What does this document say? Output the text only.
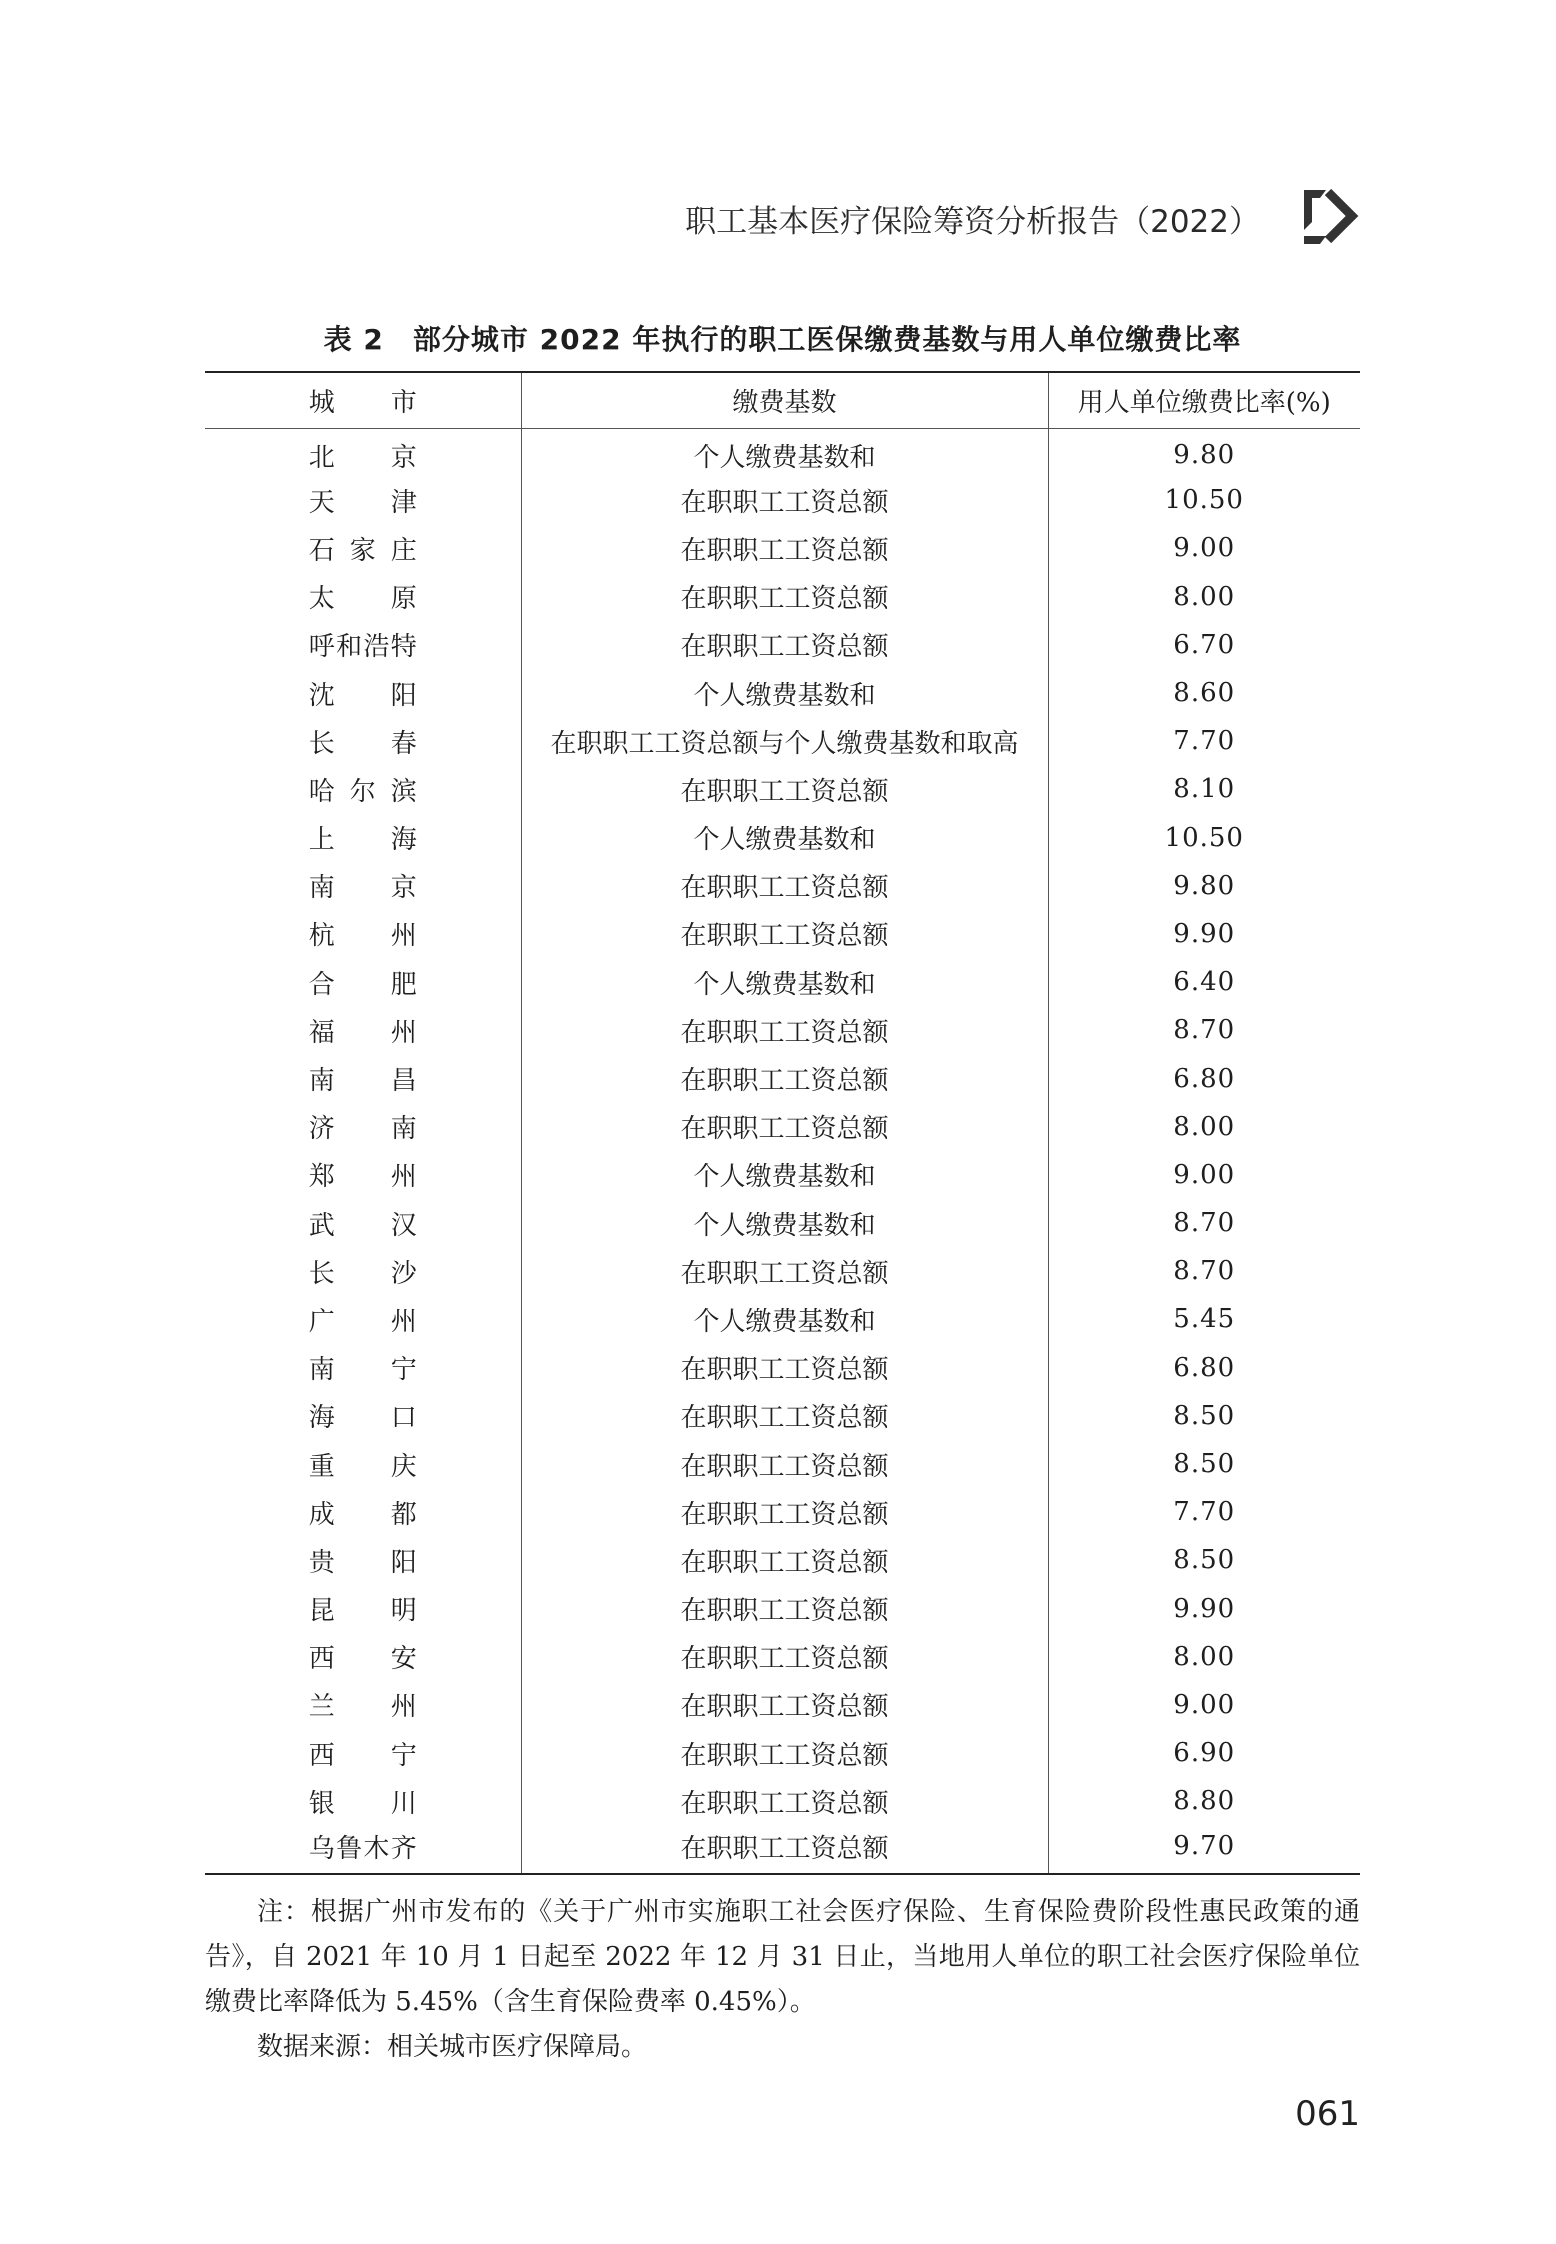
职工基本医疗保险筹资分析报告（2022）
表 2　部分城市 2022 年执行的职工医保缴费基数与用人单位缴费比率
城　　市	缴费基数	用人单位缴费比率(%)
北京	个人缴费基数和	9.80
天津	在职职工工资总额	10.50
石家庄	在职职工工资总额	9.00
太原	在职职工工资总额	8.00
呼和浩特	在职职工工资总额	6.70
沈阳	个人缴费基数和	8.60
长春	在职职工工资总额与个人缴费基数和取高	7.70
哈尔滨	在职职工工资总额	8.10
上海	个人缴费基数和	10.50
南京	在职职工工资总额	9.80
杭州	在职职工工资总额	9.90
合肥	个人缴费基数和	6.40
福州	在职职工工资总额	8.70
南昌	在职职工工资总额	6.80
济南	在职职工工资总额	8.00
郑州	个人缴费基数和	9.00
武汉	个人缴费基数和	8.70
长沙	在职职工工资总额	8.70
广州	个人缴费基数和	5.45
南宁	在职职工工资总额	6.80
海口	在职职工工资总额	8.50
重庆	在职职工工资总额	8.50
成都	在职职工工资总额	7.70
贵阳	在职职工工资总额	8.50
昆明	在职职工工资总额	9.90
西安	在职职工工资总额	8.00
兰州	在职职工工资总额	9.00
西宁	在职职工工资总额	6.90
银川	在职职工工资总额	8.80
乌鲁木齐	在职职工工资总额	9.70

注：根据广州市发布的《关于广州市实施职工社会医疗保险、生育保险费阶段性惠民政策的通告》，自 2021 年 10 月 1 日起至 2022 年 12 月 31 日止，当地用人单位的职工社会医疗保险单位缴费比率降低为 5.45%（含生育保险费率 0.45%）。

数据来源：相关城市医疗保障局。

061
